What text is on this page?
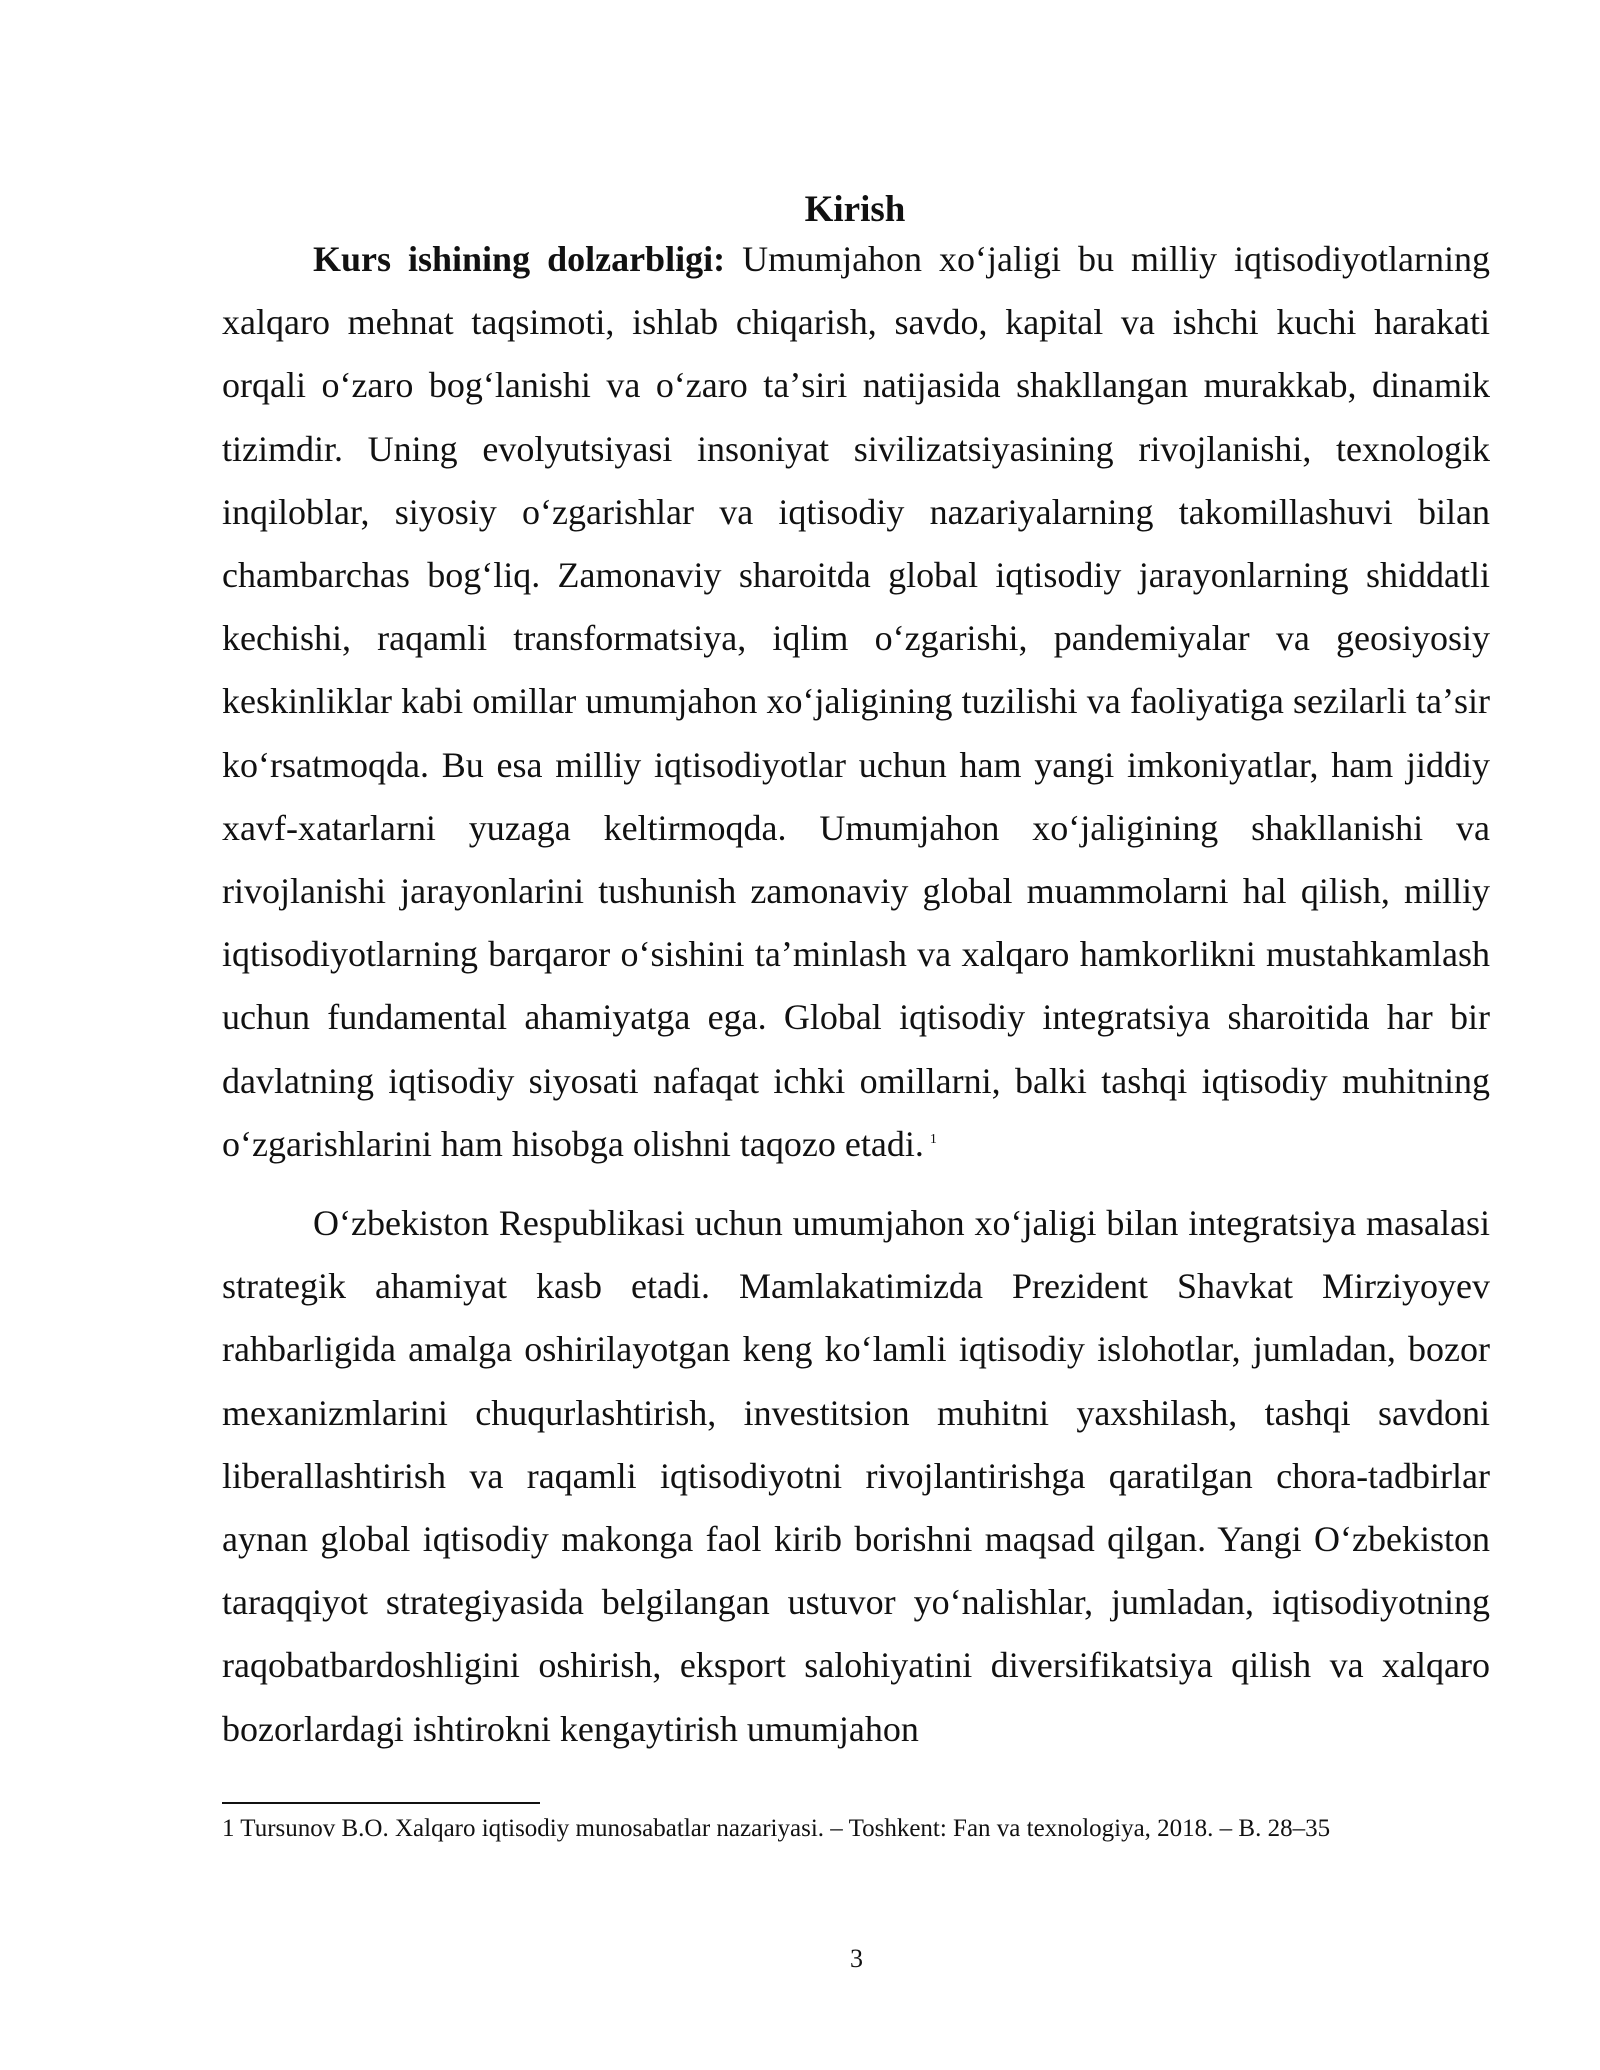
Kirish

Kurs ishining dolzarbligi: Umumjahon xoʻjaligi bu milliy iqtisodiyotlarning xalqaro mehnat taqsimoti, ishlab chiqarish, savdo, kapital va ishchi kuchi harakati orqali oʻzaro bogʻlanishi va oʻzaro taʼsiri natijasida shakllangan murakkab, dinamik tizimdir. Uning evolyutsiyasi insoniyat sivilizatsiyasining rivojlanishi, texnologik inqiloblar, siyosiy oʻzgarishlar va iqtisodiy nazariyalarning takomillashuvi bilan chambarchas bogʻliq. Zamonaviy sharoitda global iqtisodiy jarayonlarning shiddatli kechishi, raqamli transformatsiya, iqlim oʻzgarishi, pandemiyalar va geosiyosiy keskinliklar kabi omillar umumjahon xoʻjaligining tuzilishi va faoliyatiga sezilarli taʼsir koʻrsatmoqda. Bu esa milliy iqtisodiyotlar uchun ham yangi imkoniyatlar, ham jiddiy xavf-xatarlarni yuzaga keltirmoqda. Umumjahon xoʻjaligining shakllanishi va rivojlanishi jarayonlarini tushunish zamonaviy global muammolarni hal qilish, milliy iqtisodiyotlarning barqaror oʻsishini taʼminlash va xalqaro hamkorlikni mustahkamlash uchun fundamental ahamiyatga ega. Global iqtisodiy integratsiya sharoitida har bir davlatning iqtisodiy siyosati nafaqat ichki omillarni, balki tashqi iqtisodiy muhitning oʻzgarishlarini ham hisobga olishni taqozo etadi. $^1$

Oʻzbekiston Respublikasi uchun umumjahon xoʻjaligi bilan integratsiya masalasi strategik ahamiyat kasb etadi. Mamlakatimizda Prezident Shavkat Mirziyoyev rahbarligida amalga oshirilayotgan keng koʻlamli iqtisodiy islohotlar, jumladan, bozor mexanizmlarini chuqurlashtirish, investitsion muhitni yaxshilash, tashqi savdoni liberallashtirish va raqamli iqtisodiyotni rivojlantirishga qaratilgan chora-tadbirlar aynan global iqtisodiy makonga faol kirib borishni maqsad qilgan. Yangi Oʻzbekiston taraqqiyot strategiyasida belgilangan ustuvor yoʻnalishlar, jumladan, iqtisodiyotning raqobatbardoshligini oshirish, eksport salohiyatini diversifikatsiya qilish va xalqaro bozorlardagi ishtirokni kengaytirish umumjahon

1 Tursunov B.O. Xalqaro iqtisodiy munosabatlar nazariyasi. – Toshkent: Fan va texnologiya, 2018. – B. 28–35

3
